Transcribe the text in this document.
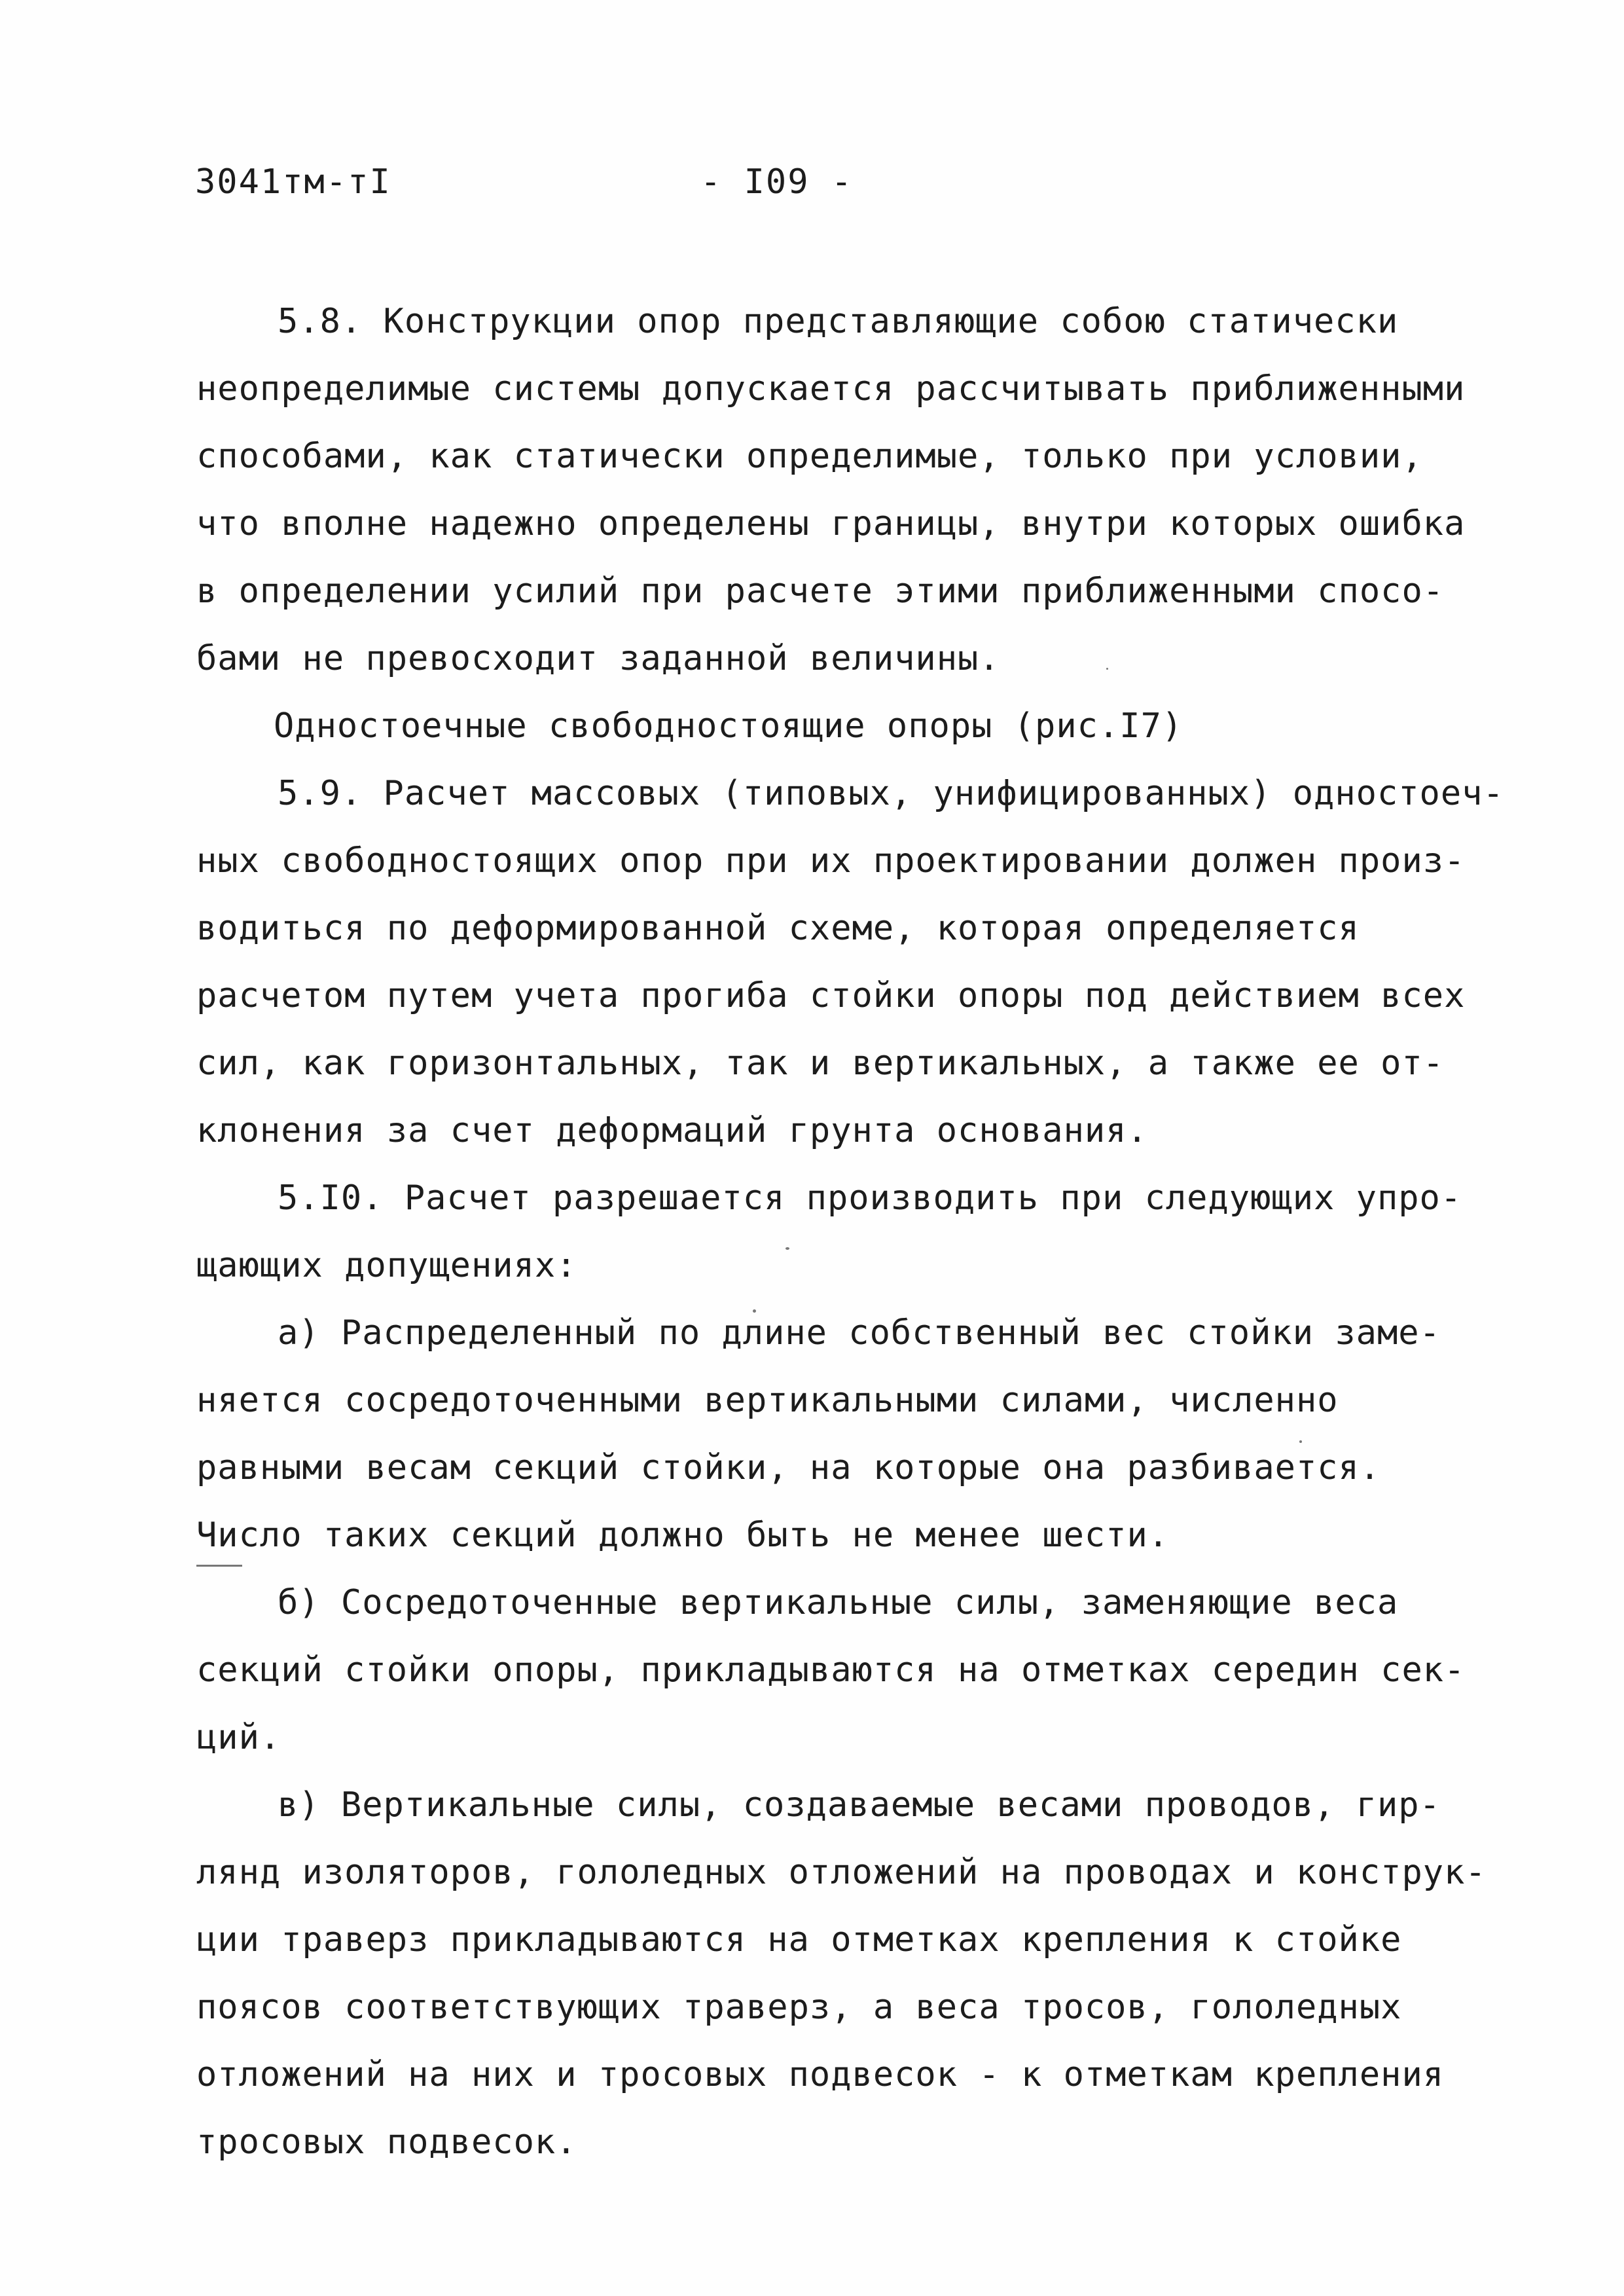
3041тм-тI	- I09 -
5.8. Конструкции опор представляющие собою статически
неопределимые системы допускается рассчитывать приближенными
способами, как статически определимые, только при условии,
что вполне надежно определены границы, внутри которых ошибка
в определении усилий при расчете этими приближенными спосо-
бами не превосходит заданной величины.
Одностоечные свободностоящие опоры (рис.I7)
5.9. Расчет массовых (типовых, унифицированных) одностоеч-
ных свободностоящих опор при их проектировании должен произ-
водиться по деформированной схеме, которая определяется
расчетом путем учета прогиба стойки опоры под действием всех
сил, как горизонтальных, так и вертикальных, а также ее от-
клонения за счет деформаций грунта основания.
5.I0. Расчет разрешается производить при следующих упро-
щающих допущениях:
а) Распределенный по длине собственный вес стойки заме-
няется сосредоточенными вертикальными силами, численно
равными весам секций стойки, на которые она разбивается.
Число таких секций должно быть не менее шести.
б) Сосредоточенные вертикальные силы, заменяющие веса
секций стойки опоры, прикладываются на отметках середин сек-
ций.
в) Вертикальные силы, создаваемые весами проводов, гир-
лянд изоляторов, гололедных отложений на проводах и конструк-
ции траверз прикладываются на отметках крепления к стойке
поясов соответствующих траверз, а веса тросов, гололедных
отложений на них и тросовых подвесок - к отметкам крепления
тросовых подвесок.
